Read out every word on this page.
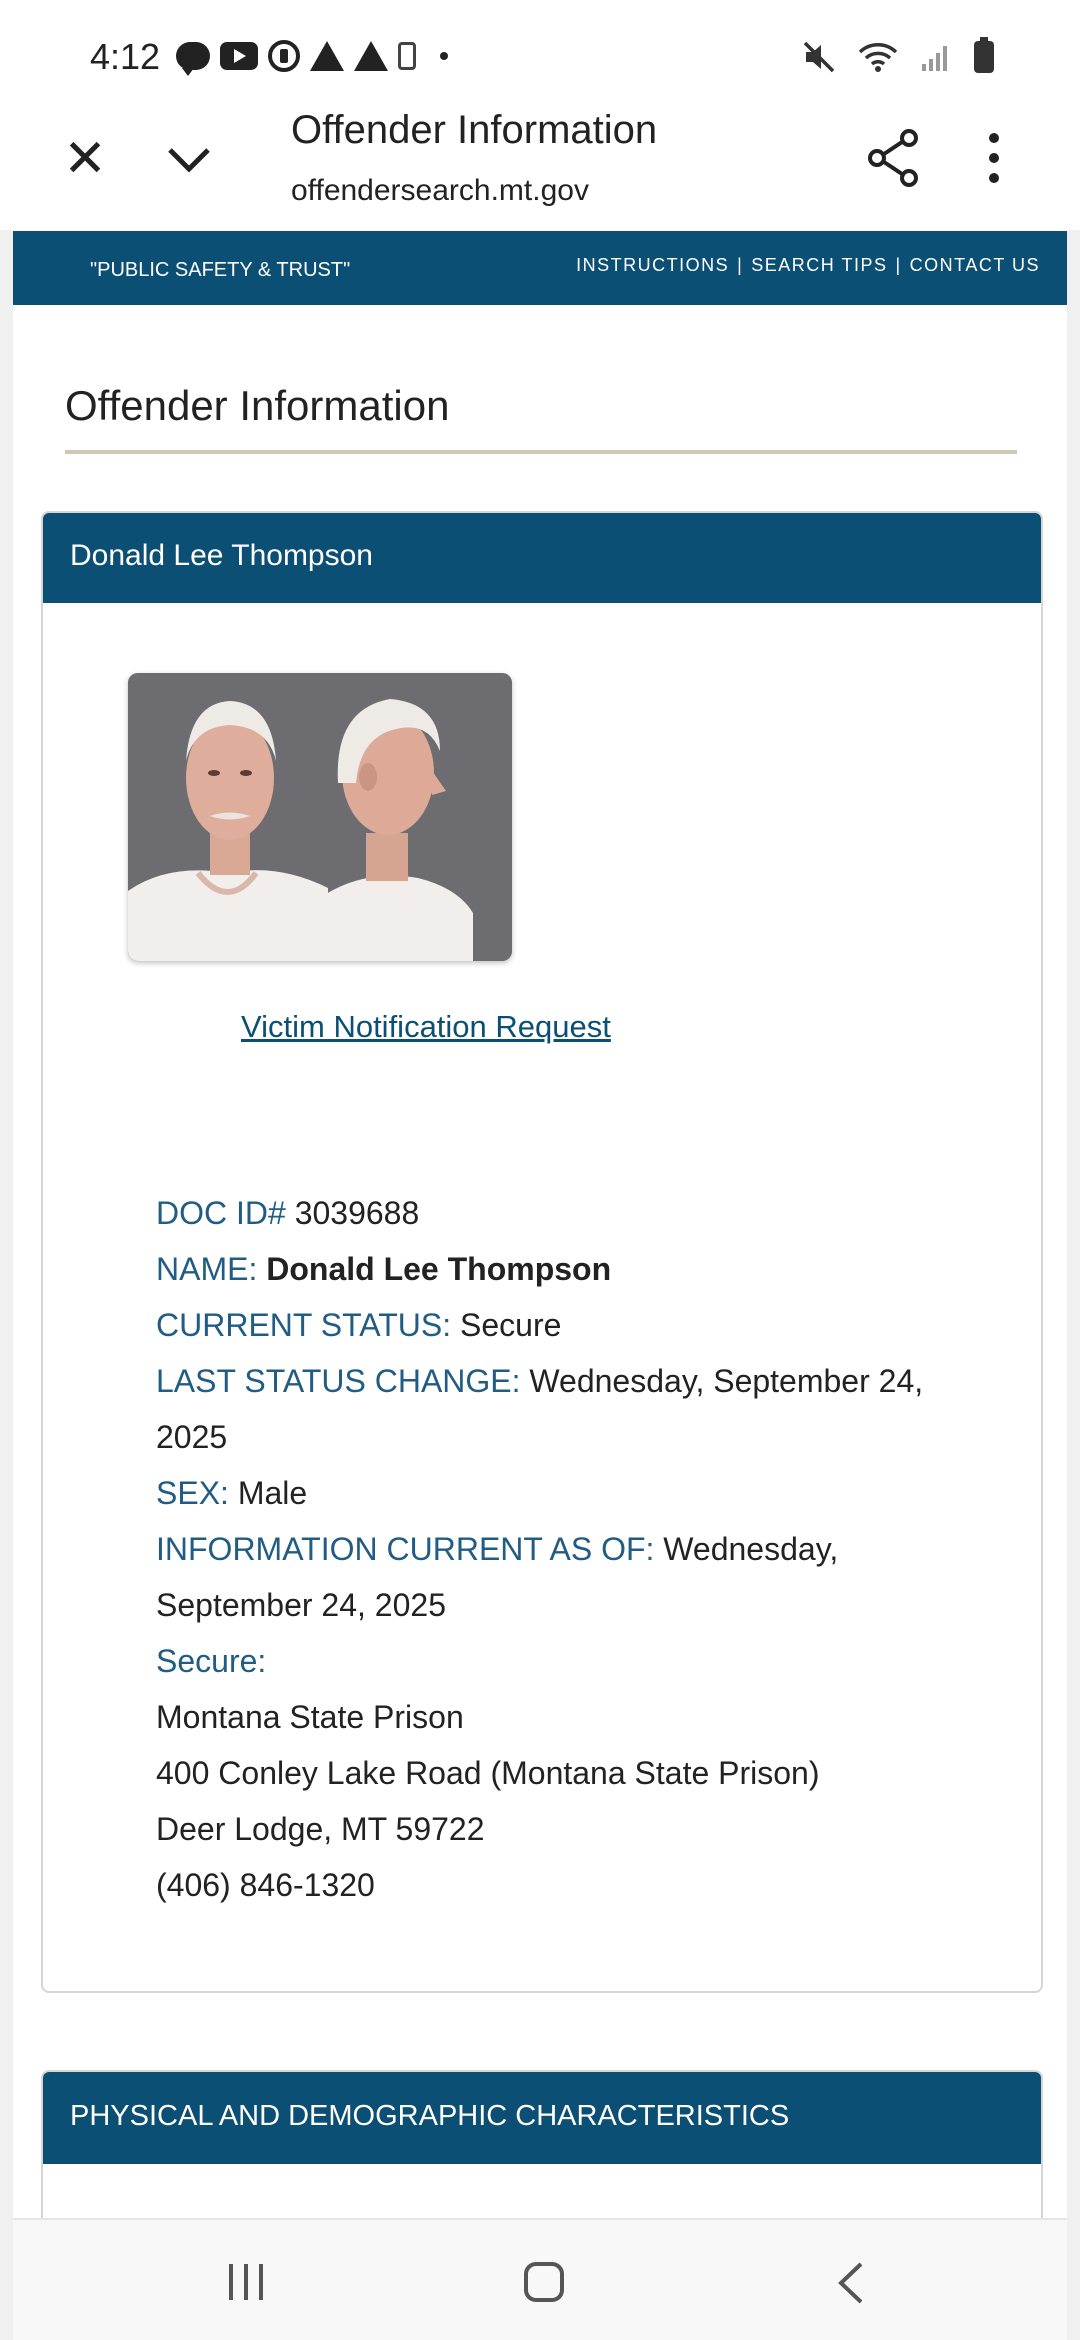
4:12
✕	Offender Information
offendersearch.mt.gov
"PUBLIC SAFETY & TRUST"	INSTRUCTIONS | SEARCH TIPS | CONTACT US
Offender Information
Donald Lee Thompson
Victim Notification Request
DOC ID# 3039688
NAME: Donald Lee Thompson
CURRENT STATUS: Secure
LAST STATUS CHANGE: Wednesday, September 24, 2025
SEX: Male
INFORMATION CURRENT AS OF: Wednesday, September 24, 2025
Secure:
Montana State Prison
400 Conley Lake Road (Montana State Prison)
Deer Lodge, MT 59722
(406) 846-1320
PHYSICAL AND DEMOGRAPHIC CHARACTERISTICS
